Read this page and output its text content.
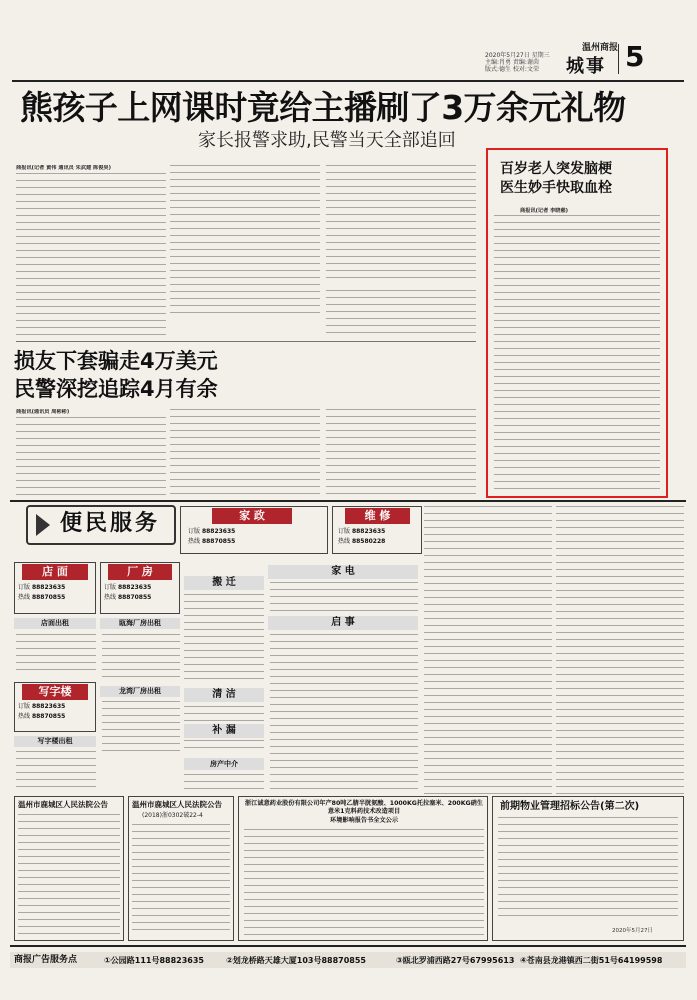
2020年5月27日 星期三
主编:肖勇 责编:谢茵
版式:德生 校对:文荣
温州商报
城事 5
熊孩子上网课时竟给主播刷了3万余元礼物
家长报警求助,民警当天全部追回
商报讯(记者 黄伟 通讯员 朱武建 陈俊昊)	百岁老人突发脑梗
医生妙手快取血栓
商报讯(记者 李晓慈)
损友下套骗走4万美元
民警深挖追踪4月有余
商报讯(通讯员 周彬彬)
便民服务	家 政
订版 88823635
热线 88870855
维 修
订版 88823635
热线 88580228
店 面
订版 88823635
热线 88870855
店面出租
厂 房
订版 88823635
热线 88870855
瓯海厂房出租
龙湾厂房出租
写字楼
订版 88823635
热线 88870855
写字楼出租
房产中介
搬 迁
清 洁
补 漏
家 电
启 事
温州市鹿城区人民法院公告	温州市鹿城区人民法院公告
(2018)浙0302破22-4
浙江诚意药业股份有限公司年产80吨乙腈半胱氨酸、1000KG托拉塞米、200KG硝生意米1克料药技术改造项目
环境影响报告书全文公示
前期物业管理招标公告(第二次)
2020年5月27日
商报广告服务点	①公园路111号88823635	②划龙桥路天雄大厦103号88870855	③瓯北罗浦西路27号67995613 ④苍南县龙港镇西二街51号64199598
